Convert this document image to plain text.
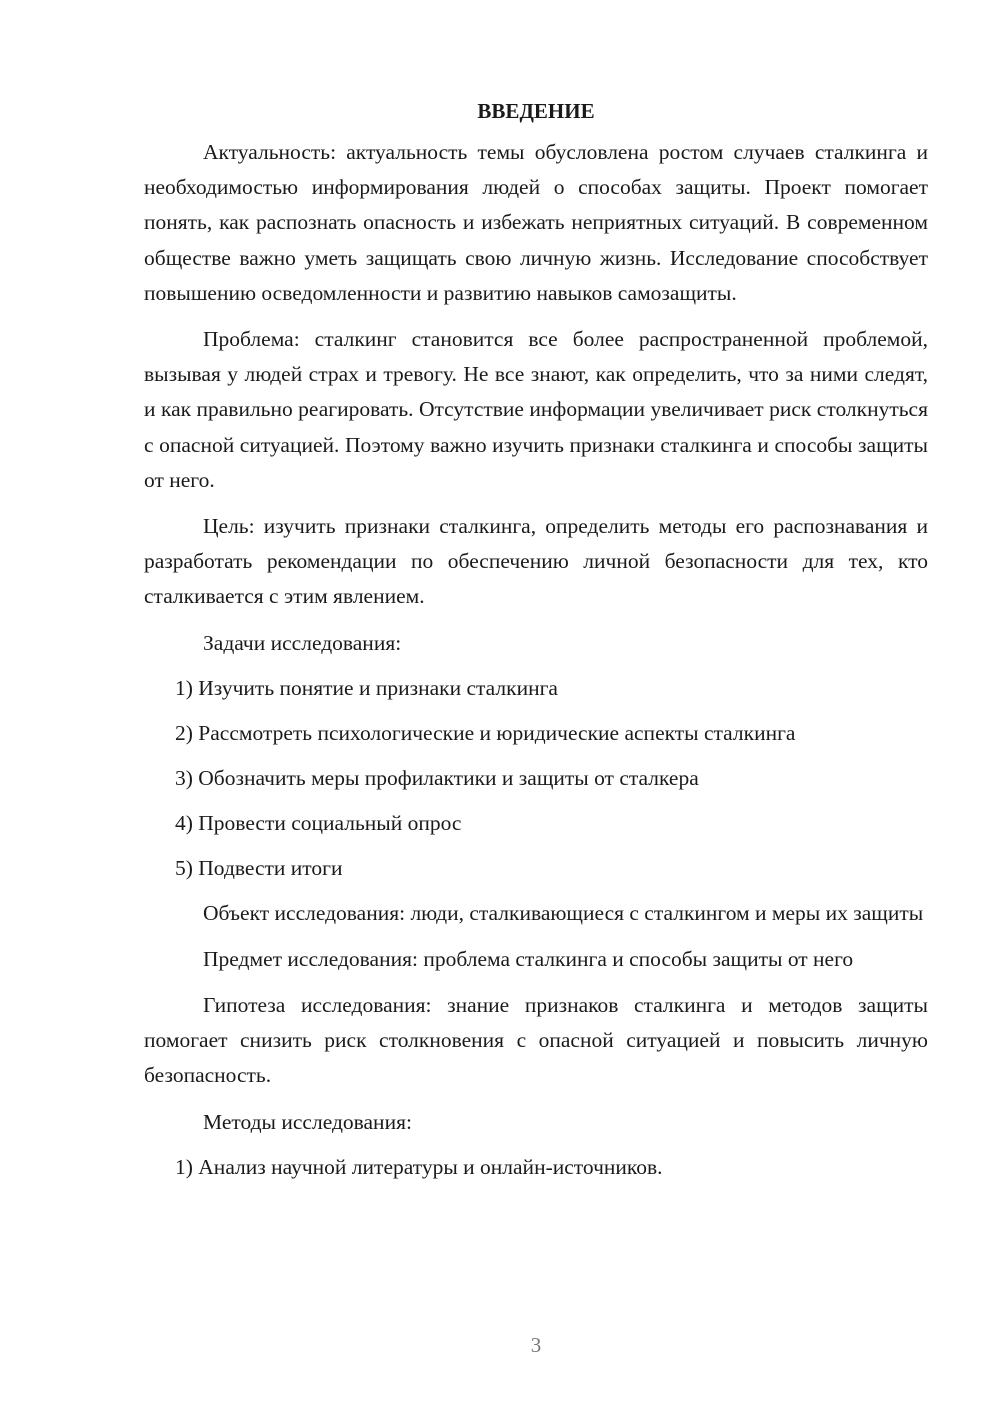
ВВЕДЕНИЕ

Актуальность: актуальность темы обусловлена ростом случаев сталкинга и необходимостью информирования людей о способах защиты. Проект помогает понять, как распознать опасность и избежать неприятных ситуаций. В современном обществе важно уметь защищать свою личную жизнь. Исследование способствует повышению осведомленности и развитию навыков самозащиты.

Проблема: сталкинг становится все более распространенной проблемой, вызывая у людей страх и тревогу. Не все знают, как определить, что за ними следят, и как правильно реагировать. Отсутствие информации увеличивает риск столкнуться с опасной ситуацией. Поэтому важно изучить признаки сталкинга и способы защиты от него.

Цель: изучить признаки сталкинга, определить методы его распознавания и разработать рекомендации по обеспечению личной безопасности для тех, кто сталкивается с этим явлением.

Задачи исследования:
1) Изучить понятие и признаки сталкинга
2) Рассмотреть психологические и юридические аспекты сталкинга
3) Обозначить меры профилактики и защиты от сталкера
4) Провести социальный опрос
5) Подвести итоги

Объект исследования: люди, сталкивающиеся с сталкингом и меры их защиты

Предмет исследования: проблема сталкинга и способы защиты от него

Гипотеза исследования: знание признаков сталкинга и методов защиты помогает снизить риск столкновения с опасной ситуацией и повысить личную безопасность.

Методы исследования:
1) Анализ научной литературы и онлайн-источников.
3
